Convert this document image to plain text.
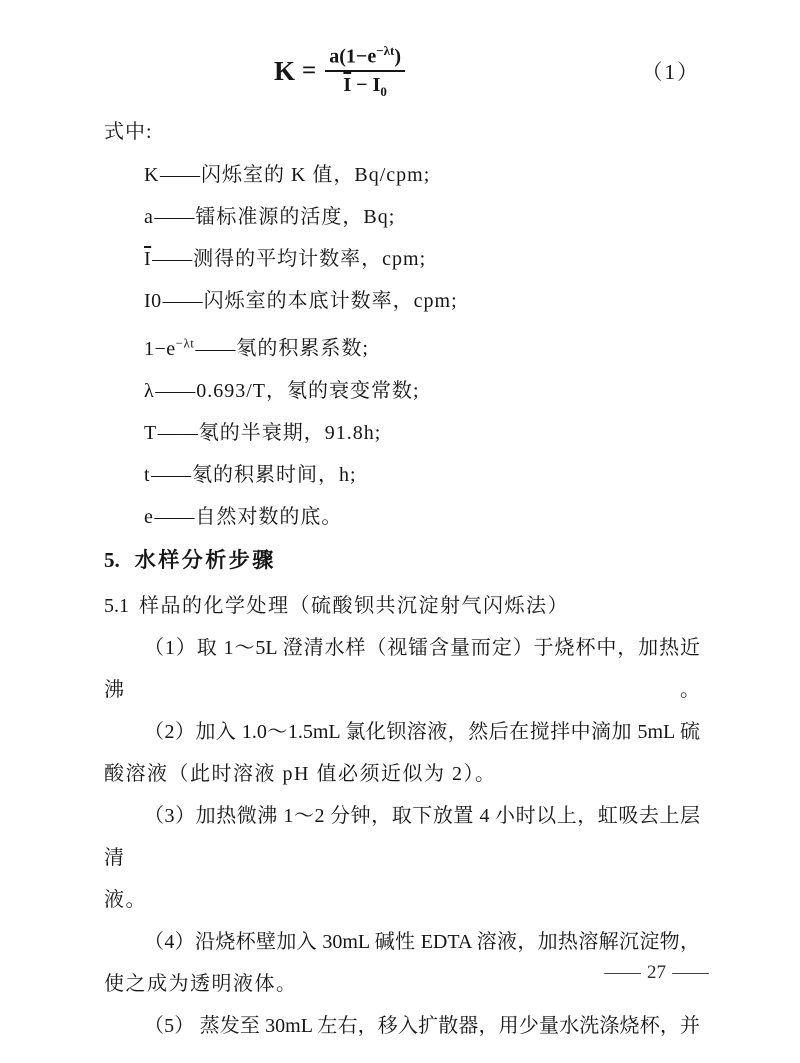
$K = \frac{a(1-e^{-\lambda t})}{\overline{I} - I_0}$	（1）
式中:
K——闪烁室的 K 值，Bq/cpm;
a——镭标准源的活度，Bq;
$\overline{I}——$测得的平均计数率，cpm;
I0——闪烁室的本底计数率，cpm;
$1-e^{-\lambda t}——$氡的积累系数;
λ——0.693/T，氡的衰变常数;
T——氡的半衰期，91.8h;
t——氡的积累时间，h;
e——自然对数的底。
5. 水样分析步骤
5.1 样品的化学处理（硫酸钡共沉淀射气闪烁法）
（1）取 1～5L 澄清水样（视镭含量而定）于烧杯中，加热近沸。
（2）加入 1.0～1.5mL 氯化钡溶液，然后在搅拌中滴加 5mL 硫
酸溶液（此时溶液 pH 值必须近似为 2）。
（3）加热微沸 1～2 分钟，取下放置 4 小时以上，虹吸去上层清
液。
（4）沿烧杯壁加入 30mL 碱性 EDTA 溶液，加热溶解沉淀物，
使之成为透明液体。
（5） 蒸发至 30mL 左右，移入扩散器，用少量水洗涤烧杯，并
— 27 —
